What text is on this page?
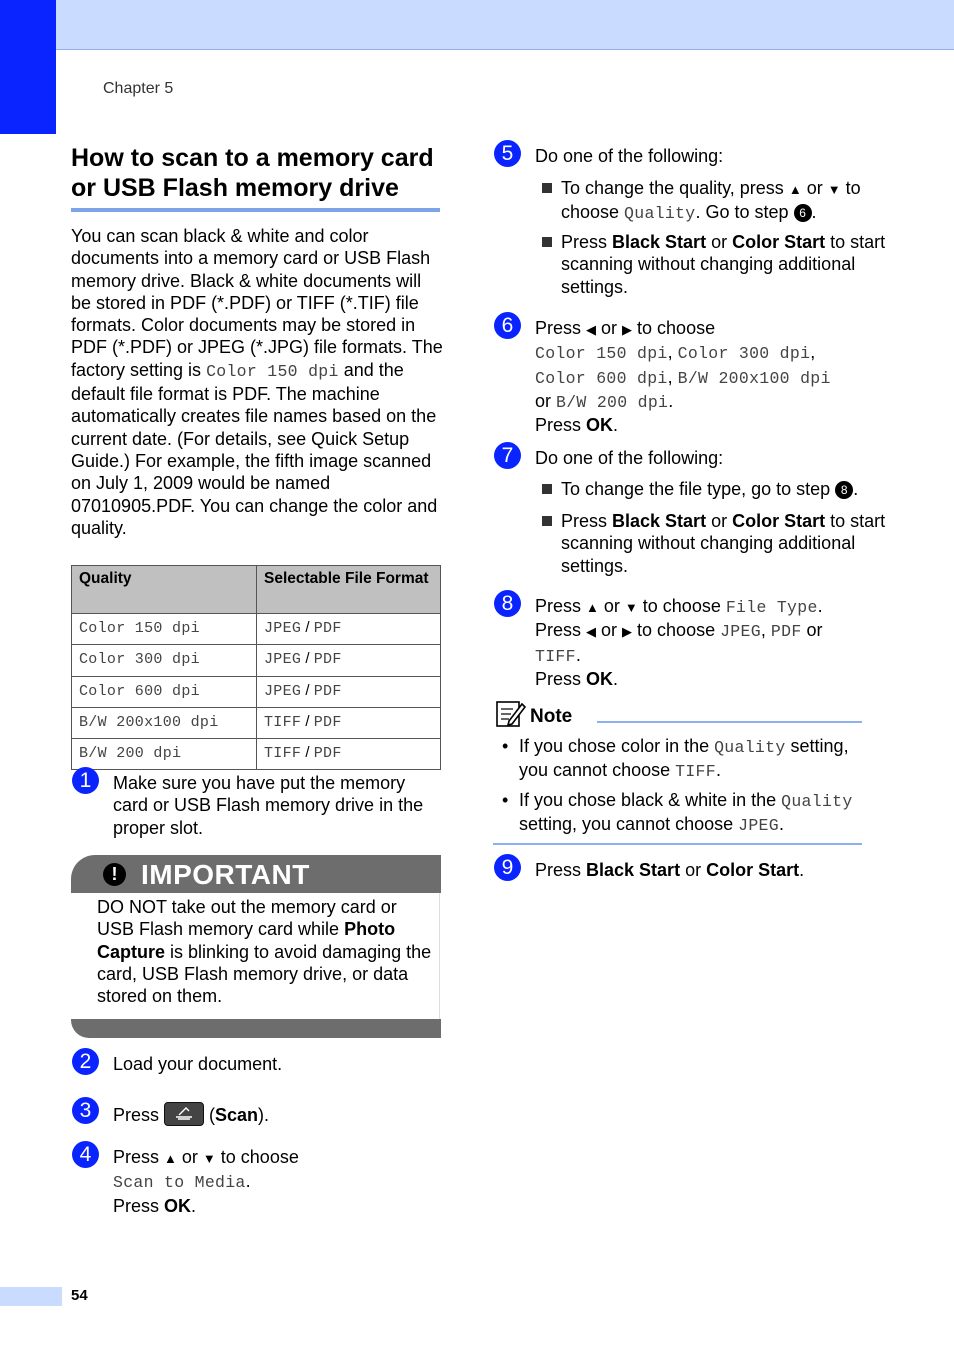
Chapter 5
54
How to scan to a memory card or USB Flash memory drive
You can scan black & white and color documents into a memory card or USB Flash memory drive. Black & white documents will be stored in PDF (*.PDF) or TIFF (*.TIF) file formats. Color documents may be stored in PDF (*.PDF) or JPEG (*.JPG) file formats. The factory setting is Color 150 dpi and the default file format is PDF. The machine automatically creates file names based on the current date. (For details, see Quick Setup Guide.) For example, the fifth image scanned on July 1, 2009 would be named 07010905.PDF. You can change the color and quality.
Quality	Selectable File Format
Color 150 dpi	JPEG / PDF
Color 300 dpi	JPEG / PDF
Color 600 dpi	JPEG / PDF
B/W 200x100 dpi	TIFF / PDF
B/W 200 dpi	TIFF / PDF
1	Make sure you have put the memory card or USB Flash memory drive in the proper slot.
! IMPORTANT
DO NOT take out the memory card or USB Flash memory card while Photo Capture is blinking to avoid damaging the card, USB Flash memory drive, or data stored on them.
2	Load your document.
3	Press
(Scan).
4	Press ▲ or ▼ to choose
Scan to Media.
Press OK.
5	Do one of the following:
To change the quality, press ▲ or ▼ to choose Quality. Go to step 6 .
Press Black Start or Color Start to start scanning without changing additional settings.
6	Press ◀ or ▶ to choose
Color 150 dpi, Color 300 dpi,
Color 600 dpi, B/W 200x100 dpi
or B/W 200 dpi.
Press OK.
7	Do one of the following:
To change the file type, go to step 8 .
Press Black Start or Color Start to start scanning without changing additional settings.
8	Press ▲ or ▼ to choose File Type.
Press ◀ or ▶ to choose JPEG, PDF or
TIFF.
Press OK.
Note
• If you chose color in the Quality setting, you cannot choose TIFF.
• If you chose black & white in the Quality setting, you cannot choose JPEG.
9	Press Black Start or Color Start.
